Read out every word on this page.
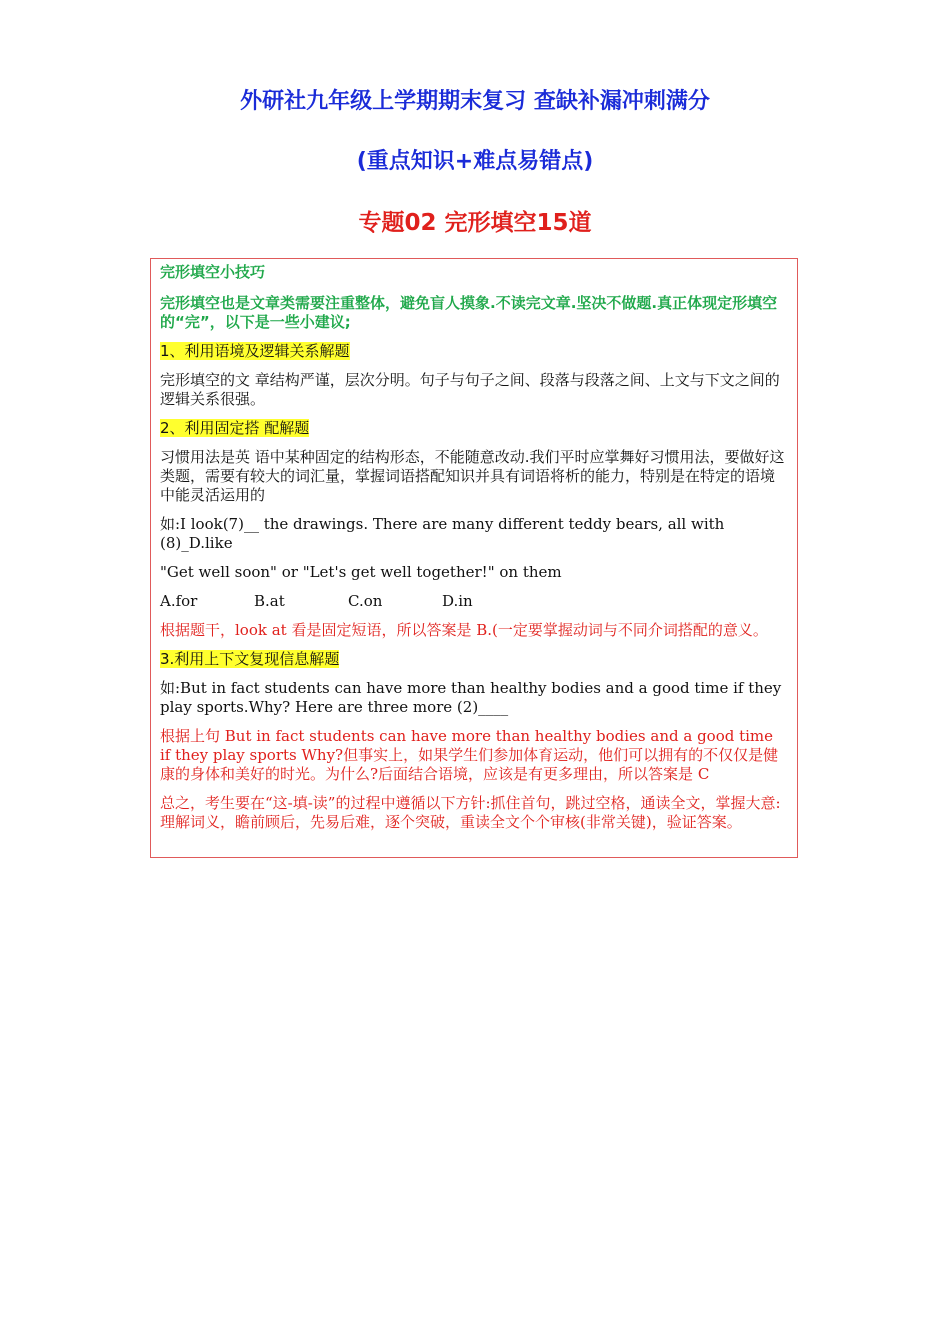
外研社九年级上学期期末复习 查缺补漏冲刺满分
(重点知识+难点易错点)
专题02 完形填空15道

完形填空小技巧

完形填空也是文章类需要注重整体，避免盲人摸象.不读完文章.坚决不做题.真正体现定形填空的“完”，以下是一些小建议;

1、利用语境及逻辑关系解题

完形填空的文 章结构严谨，层次分明。句子与句子之间、段落与段落之间、上文与下文之间的逻辑关系很强。

2、利用固定搭 配解题

习惯用法是英 语中某种固定的结构形态，不能随意改动.我们平时应掌舞好习惯用法，要做好这类题，需要有较大的词汇量，掌握词语搭配知识并具有词语将析的能力，特别是在特定的语境中能灵活运用的

如:I look(7)__ the drawings. There are many different teddy bears, all with (8)_D.like

"Get well soon" or "Let's get well together!" on them

A.for	B.at	C.on	D.in

根据题干，look at 看是固定短语，所以答案是 B.(一定要掌握动词与不同介词搭配的意义。

3.利用上下文复现信息解题

如:But in fact students can have more than healthy bodies and a good time if they play sports.Why? Here are three more (2)____

根据上句 But in fact students can have more than healthy bodies and a good time if they play sports Why?但事实上，如果学生们参加体育运动，他们可以拥有的不仅仅是健康的身体和美好的时光。为什么?后面结合语境，应该是有更多理由，所以答案是 C

总之，考生要在“这-填-读”的过程中遵循以下方针:抓住首句，跳过空格，通读全文，掌握大意:理解词义，瞻前顾后，先易后难，逐个突破，重读全文个个审核(非常关键)，验证答案。
